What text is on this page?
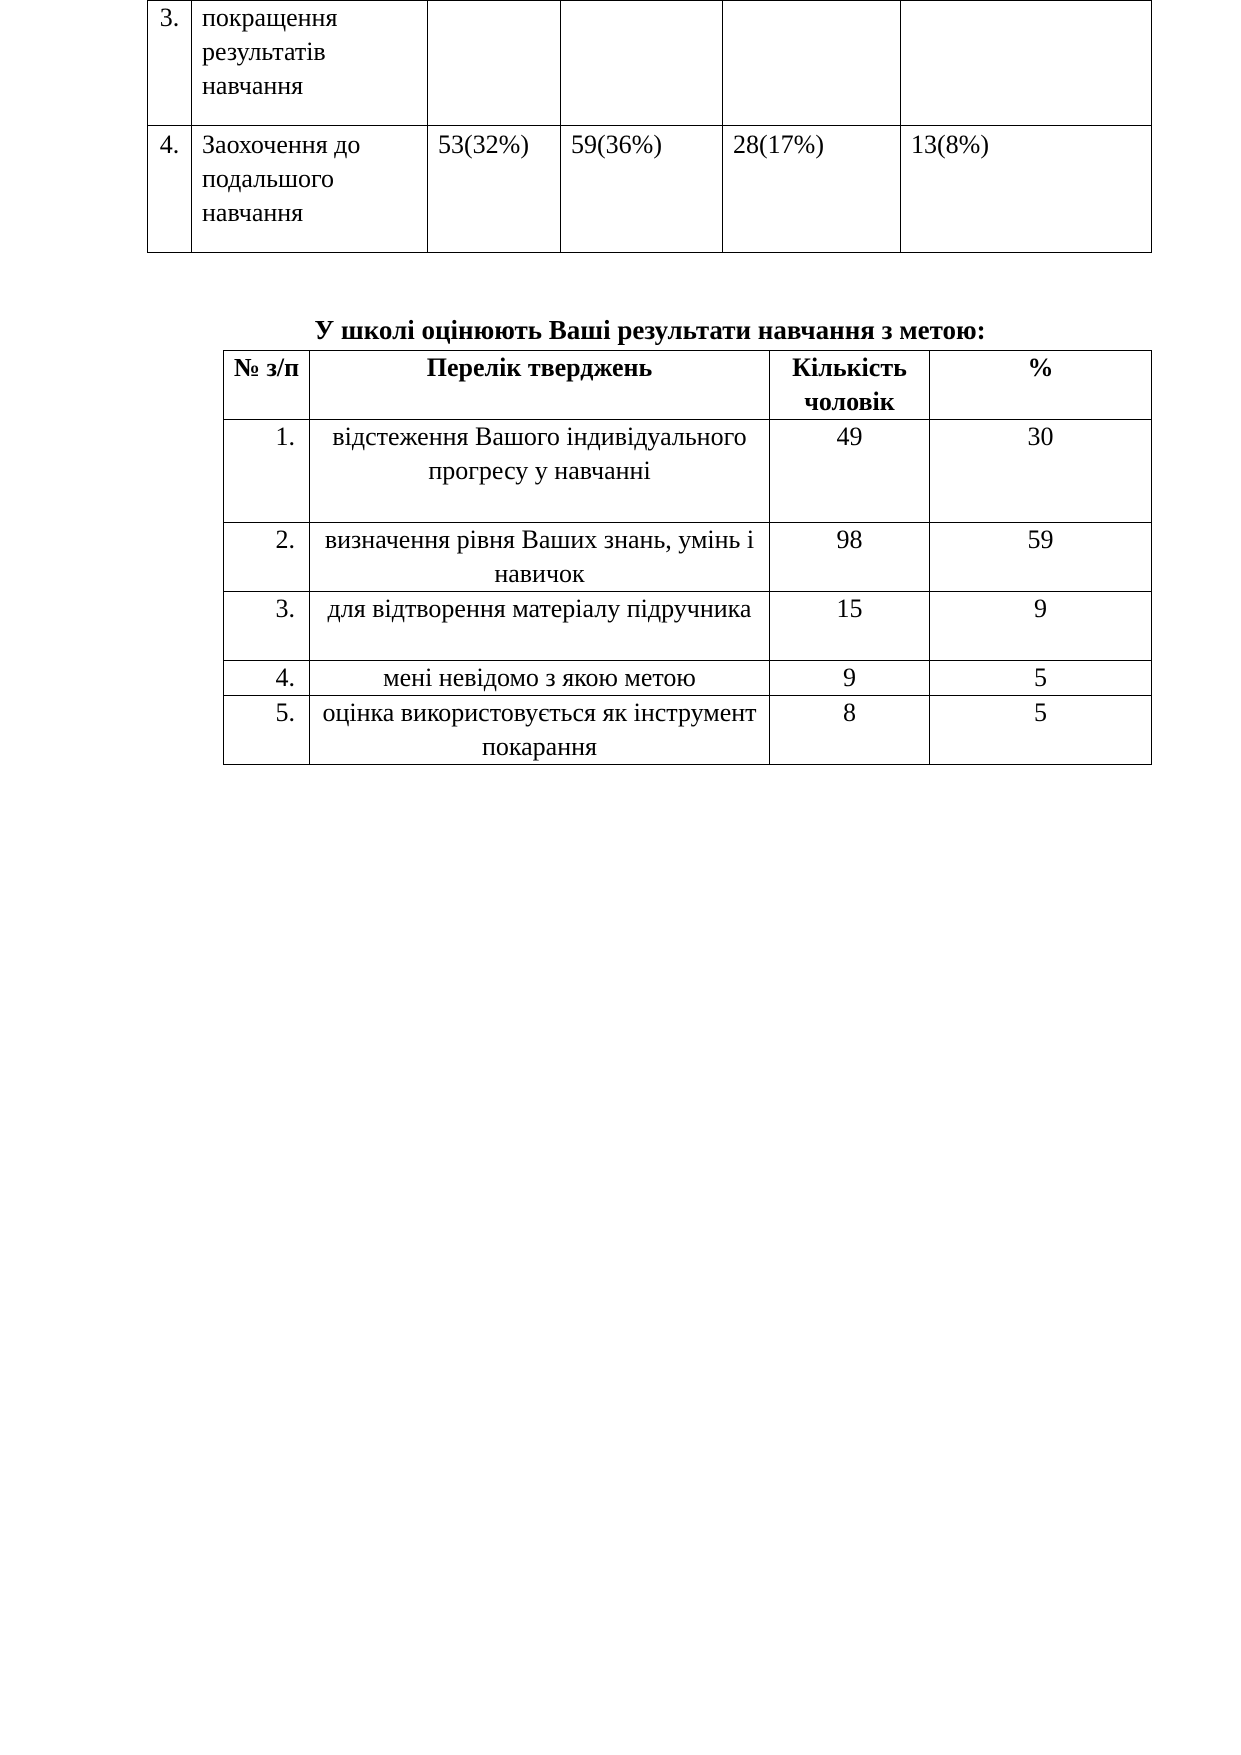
3.	покращення результатів навчання				
4.	Заохочення до подальшого навчання	53(32%)	59(36%)	28(17%)	13(8%)
У школі оцінюють Ваші результати навчання з метою:
№ з/п	Перелік тверджень	Кількість чоловік	%
1.	відстеження Вашого індивідуального прогресу у навчанні	49	30
2.	визначення рівня Ваших знань, умінь і навичок	98	59
3.	для відтворення матеріалу підручника	15	9
4.	мені невідомо з якою метою	9	5
5.	оцінка використовується як інструмент покарання	8	5
